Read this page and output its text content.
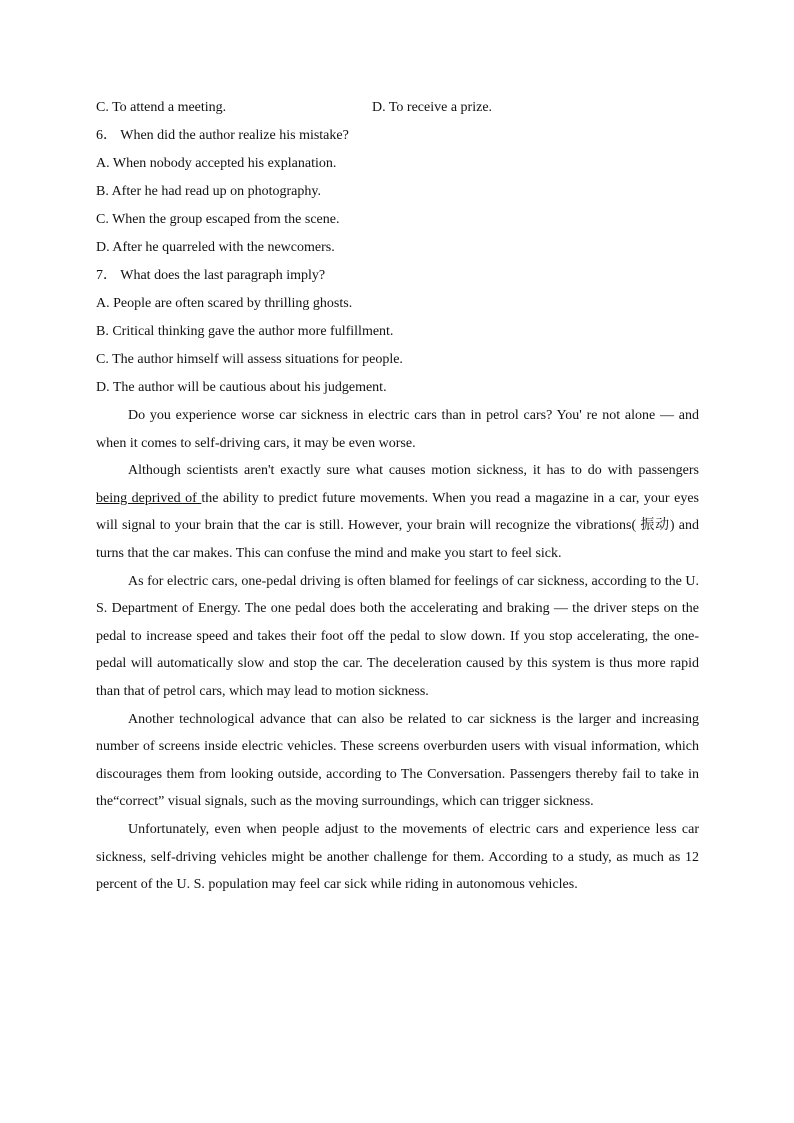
C. To attend a meeting.	D. To receive a prize.
6． When did the author realize his mistake?
A. When nobody accepted his explanation.
B. After he had read up on photography.
C. When the group escaped from the scene.
D. After he quarreled with the newcomers.
7． What does the last paragraph imply?
A. People are often scared by thrilling ghosts.
B. Critical thinking gave the author more fulfillment.
C. The author himself will assess situations for people.
D. The author will be cautious about his judgement.

Do you experience worse car sickness in electric cars than in petrol cars? You' re not alone — and when it comes to self-driving cars, it may be even worse.

Although scientists aren't exactly sure what causes motion sickness, it has to do with passengers being deprived of the ability to predict future movements. When you read a magazine in a car, your eyes will signal to your brain that the car is still. However, your brain will recognize the vibrations( 振动) and turns that the car makes. This can confuse the mind and make you start to feel sick.

As for electric cars, one-pedal driving is often blamed for feelings of car sickness, according to the U. S. Department of Energy. The one pedal does both the accelerating and braking — the driver steps on the pedal to increase speed and takes their foot off the pedal to slow down. If you stop accelerating, the one-pedal will automatically slow and stop the car. The deceleration caused by this system is thus more rapid than that of petrol cars, which may lead to motion sickness.

Another technological advance that can also be related to car sickness is the larger and increasing number of screens inside electric vehicles. These screens overburden users with visual information, which discourages them from looking outside, according to The Conversation. Passengers thereby fail to take in the“correct” visual signals, such as the moving surroundings, which can trigger sickness.

Unfortunately, even when people adjust to the movements of electric cars and experience less car sickness, self-driving vehicles might be another challenge for them. According to a study, as much as 12 percent of the U. S. population may feel car sick while riding in autonomous vehicles.
